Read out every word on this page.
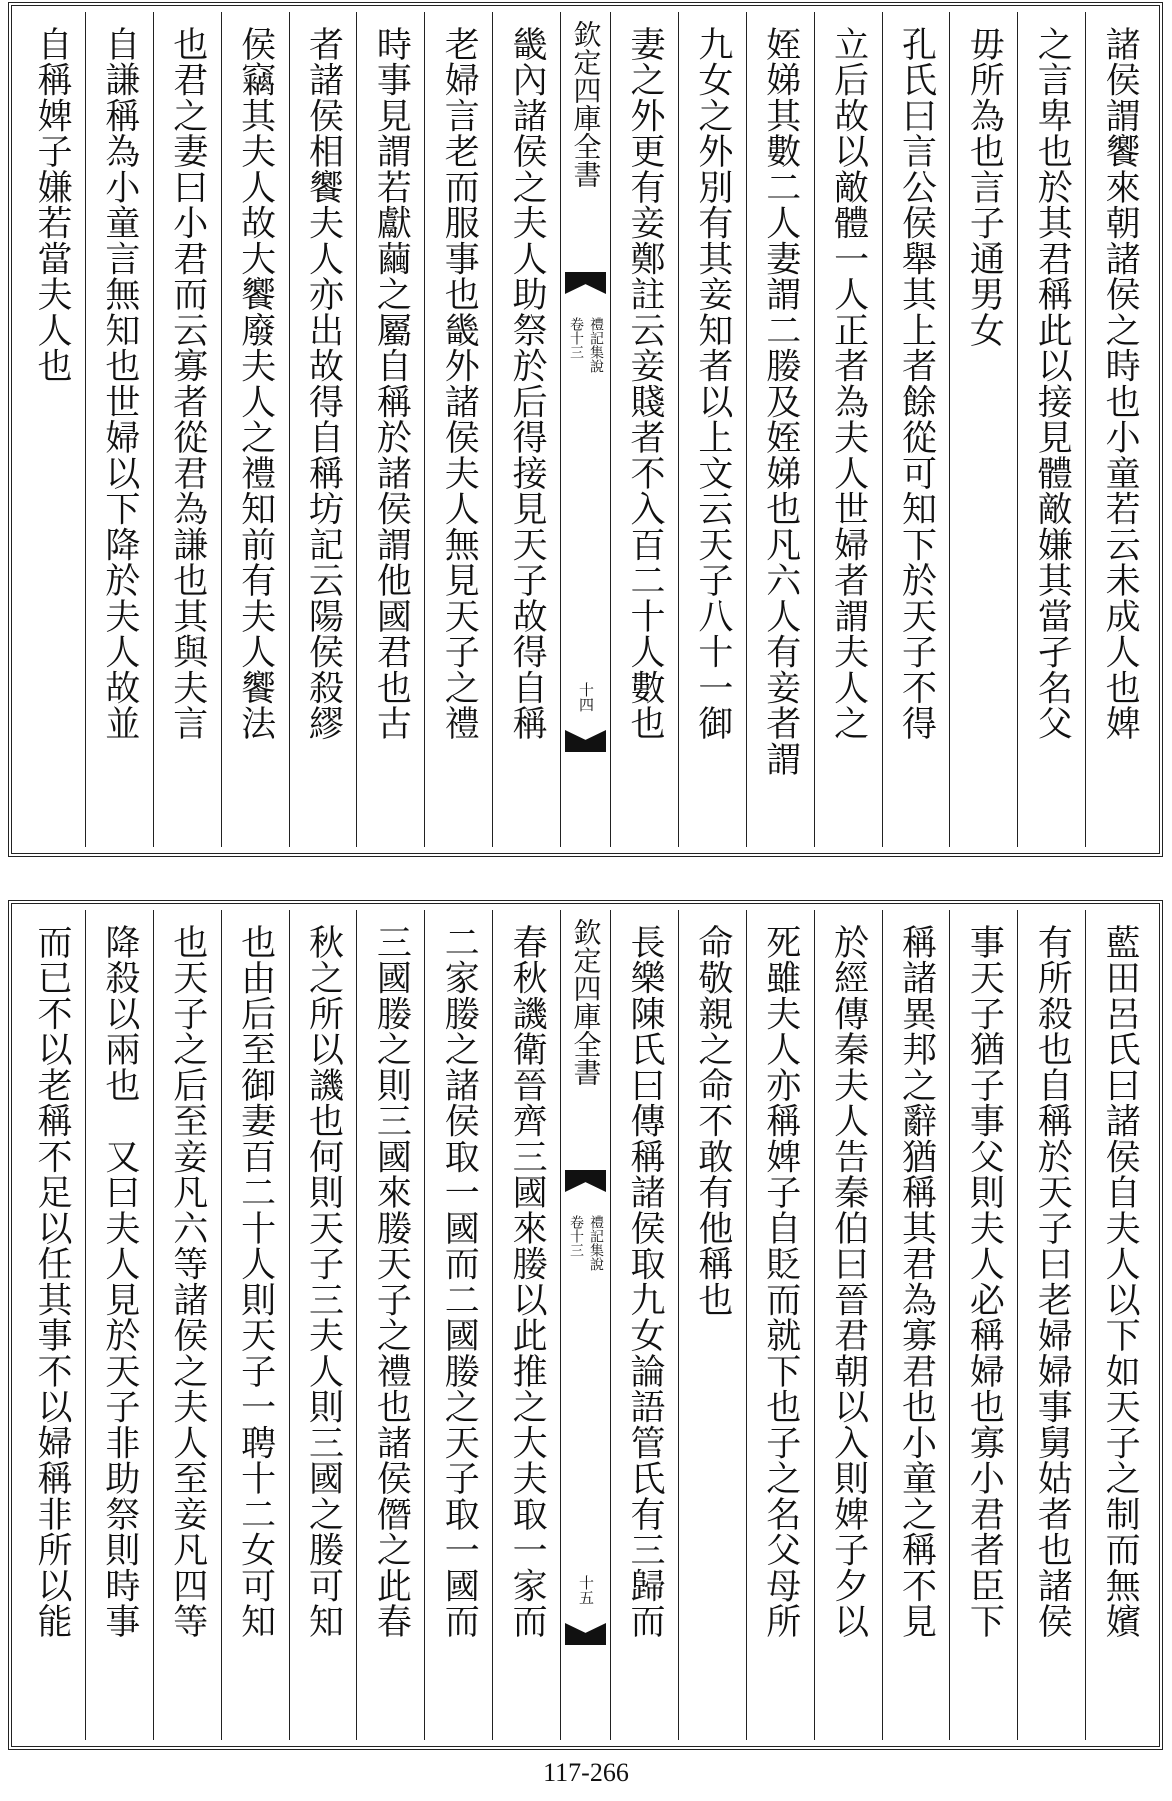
諸侯謂饗來朝諸侯之時也小童若云未成人也婢
之言卑也於其君稱此以接見體敵嫌其當孑名父
毋所為也言子通男女
孔氏曰言公侯舉其上者餘從可知下於天子不得
立后故以敵體一人正者為夫人世婦者謂夫人之
姪娣其數二人妻謂二媵及姪娣也凡六人有妾者謂
九女之外別有其妾知者以上文云天子八十一御
妻之外更有妾鄭註云妾賤者不入百二十人數也
欽定四庫全書
禮記集說
卷十三
十四
畿內諸侯之夫人助祭於后得接見天子故得自稱
老婦言老而服事也畿外諸侯夫人無見天子之禮
時事見謂若獻繭之屬自稱於諸侯謂他國君也古
者諸侯相饗夫人亦出故得自稱坊記云陽侯殺繆
侯竊其夫人故大饗廢夫人之禮知前有夫人饗法
也君之妻曰小君而云寡者從君為謙也其與夫言
自謙稱為小童言無知也世婦以下降於夫人故並
自稱婢子嫌若當夫人也
藍田呂氏曰諸侯自夫人以下如天子之制而無嬪
有所殺也自稱於天子曰老婦婦事舅姑者也諸侯
事天子猶子事父則夫人必稱婦也寡小君者臣下
稱諸異邦之辭猶稱其君為寡君也小童之稱不見
於經傳秦夫人告秦伯曰晉君朝以入則婢子夕以
死雖夫人亦稱婢子自貶而就下也子之名父母所
命敬親之命不敢有他稱也
長樂陳氏曰傳稱諸侯取九女論語管氏有三歸而
欽定四庫全書
禮記集說
卷十三
十五
春秋譏衛晉齊三國來媵以此推之大夫取一家而
二家媵之諸侯取一國而二國媵之天子取一國而
三國媵之則三國來媵天子之禮也諸侯僭之此春
秋之所以譏也何則天子三夫人則三國之媵可知
也由后至御妻百二十人則天子一聘十二女可知
也天子之后至妾凡六等諸侯之夫人至妾凡四等
降殺以兩也　又曰夫人見於天子非助祭則時事
而已不以老稱不足以任其事不以婦稱非所以能
117-266
